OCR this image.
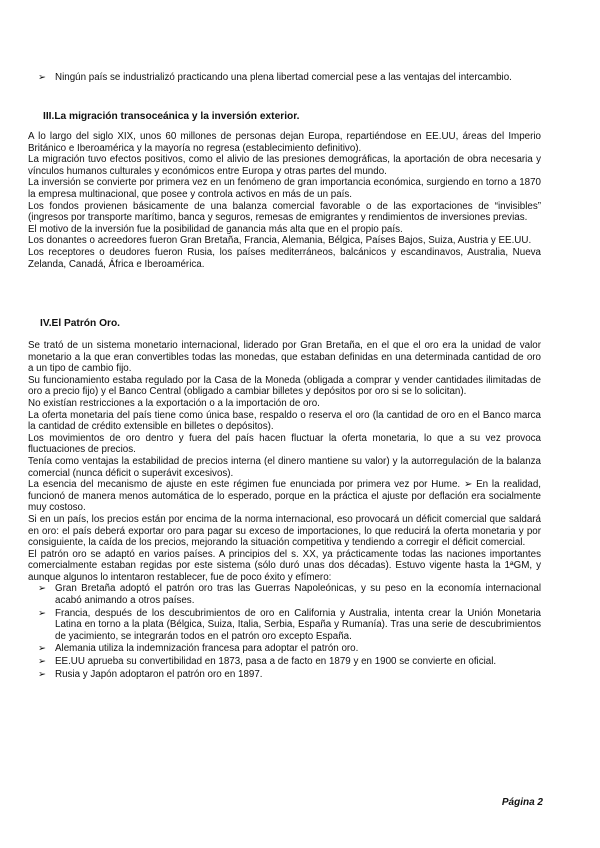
➢ Ningún país se industrializó practicando una plena libertad comercial pese a las ventajas del intercambio.
III.La migración transoceánica y la inversión exterior.

A lo largo del siglo XIX, unos 60 millones de personas dejan Europa, repartiéndose en EE.UU, áreas del Imperio Británico e Iberoamérica y la mayoría no regresa (establecimiento definitivo).

La migración tuvo efectos positivos, como el alivio de las presiones demográficas, la aportación de obra necesaria y vínculos humanos culturales y económicos entre Europa y otras partes del mundo.

La inversión se convierte por primera vez en un fenómeno de gran importancia económica, surgiendo en torno a 1870 la empresa multinacional, que posee y controla activos en más de un país.

Los fondos provienen básicamente de una balanza comercial favorable o de las exportaciones de “invisibles” (ingresos por transporte marítimo, banca y seguros, remesas de emigrantes y rendimientos de inversiones previas.

El motivo de la inversión fue la posibilidad de ganancia más alta que en el propio país.

Los donantes o acreedores fueron Gran Bretaña, Francia, Alemania, Bélgica, Países Bajos, Suiza, Austria y EE.UU.

Los receptores o deudores fueron Rusia, los países mediterráneos, balcánicos y escandinavos, Australia, Nueva Zelanda, Canadá, África e Iberoamérica.

IV.El Patrón Oro.

Se trató de un sistema monetario internacional, liderado por Gran Bretaña, en el que el oro era la unidad de valor monetario a la que eran convertibles todas las monedas, que estaban definidas en una determinada cantidad de oro a un tipo de cambio fijo.

Su funcionamiento estaba regulado por la Casa de la Moneda (obligada a comprar y vender cantidades ilimitadas de oro a precio fijo) y el Banco Central (obligado a cambiar billetes y depósitos por oro si se lo solicitan).

No existían restricciones a la exportación o a la importación de oro.

La oferta monetaria del país tiene como única base, respaldo o reserva el oro (la cantidad de oro en el Banco marca la cantidad de crédito extensible en billetes o depósitos).

Los movimientos de oro dentro y fuera del país hacen fluctuar la oferta monetaria, lo que a su vez provoca fluctuaciones de precios.

Tenía como ventajas la estabilidad de precios interna (el dinero mantiene su valor) y la autorregulación de la balanza comercial (nunca déficit o superávit excesivos).

La esencia del mecanismo de ajuste en este régimen fue enunciada por primera vez por Hume. ➢ En la realidad, funcionó de manera menos automática de lo esperado, porque en la práctica el ajuste por deflación era socialmente muy costoso.

Si en un país, los precios están por encima de la norma internacional, eso provocará un déficit comercial que saldará en oro: el país deberá exportar oro para pagar su exceso de importaciones, lo que reducirá la oferta monetaria y por consiguiente, la caída de los precios, mejorando la situación competitiva y tendiendo a corregir el déficit comercial.

El patrón oro se adaptó en varios países. A principios del s. XX, ya prácticamente todas las naciones importantes comercialmente estaban regidas por este sistema (sólo duró unas dos décadas). Estuvo vigente hasta la 1ªGM, y aunque algunos lo intentaron restablecer, fue de poco éxito y efímero:

➢ Gran Bretaña adoptó el patrón oro tras las Guerras Napoleónicas, y su peso en la economía internacional acabó animando a otros países.
➢ Francia, después de los descubrimientos de oro en California y Australia, intenta crear la Unión Monetaria Latina en torno a la plata (Bélgica, Suiza, Italia, Serbia, España y Rumanía). Tras una serie de descubrimientos de yacimiento, se integrarán todos en el patrón oro excepto España.
➢ Alemania utiliza la indemnización francesa para adoptar el patrón oro.
➢ EE.UU aprueba su convertibilidad en 1873, pasa a de facto en 1879 y en 1900 se convierte en oficial.
➢ Rusia y Japón adoptaron el patrón oro en 1897.
Página 2
